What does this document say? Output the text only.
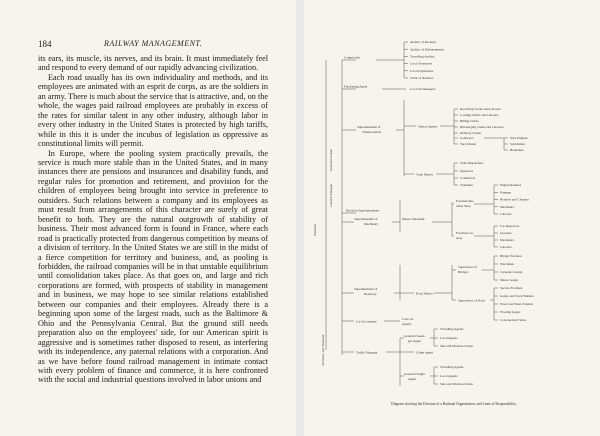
184	RAILWAY MANAGEMENT.

its ears, its muscle, its nerves, and its brain. It must immediately feel and respond to every demand of our rapidly advancing civilization.

Each road usually has its own individuality and methods, and its employees are animated with an esprit de corps, as are the soldiers in an army. There is much about the service that is attractive, and, on the whole, the wages paid railroad employees are probably in excess of the rates for similar talent in any other industry, although labor in every other industry in the United States is protected by high tariffs, while in this it is under the incubus of legislation as oppressive as constitutional limits will permit.

In Europe, where the pooling system practically prevails, the service is much more stable than in the United States, and in many instances there are pensions and insurances and disability funds, and regular rules for promotion and retirement, and provision for the children of employees being brought into service in preference to outsiders. Such relations between a company and its employees as must result from arrangements of this character are surely of great benefit to both. They are the natural outgrowth of stability of business. Their most advanced form is found in France, where each road is practically protected from dangerous competition by means of a division of territory. In the United States we are still in the midst of a fierce competition for territory and business, and, as pooling is forbidden, the railroad companies will be in that unstable equilibrium until consolidation takes place. As that goes on, and large and rich corporations are formed, with prospects of stability in management and in business, we may hope to see similar relations established between our companies and their employees. Already there is a beginning upon some of the largest roads, such as the Baltimore & Ohio and the Pennsylvania Central. But the ground still needs preparation also on the employees' side, for our American spirit is aggressive and is sometimes rather disposed to resent, as interfering with its independence, any paternal relations with a corporation. And as we have before found railroad management in intimate contact with every problem of finance and commerce, it is here confronted with the social and industrial questions involved in labor unions and

President
General Counsel
General Manager
Secretary and Treasurer
Comptroller
Auditor of Receipts
Auditor of Disbursements
Travelling Auditor
Local Treasurers
Local Paymasters
Clerk of Statistics
Purchasing Agent
Local Storekeepers
Superintendent of
Transportation
Station Agents
Receiving Clerks and Laborers
Loading Clerks and Laborers
Billing Clerks
Discharging Clerks and Laborers
Delivery Clerks
Collectors
Yard Master
Yard Engines
Switchmen
Brakemen
Train Master
Train Dispatchers
Operators
Conductors
Trainmen
Division Superintendents
Superintendent of
Machinery
Master Mechanic
Foreman Ma-
chine Shop
Engine Runners
Firemen
Hostlers and Cleaners
Mechanics
Laborers
Foreman Car
shop
Car Inspectors
Greasers
Mechanics
Laborers
Superintendent of
Roadway	Road Master
Supervisors of
Bridges
Bridge Foremen
Watchmen
Carpenter Gangs
Mason Gangs
Supervisors of Road
Section Foremen
Gangs and Track Walkers
Wood and Water Tenders
Floating Gangs
Construction Trains
Car Accountant
Lost Car
Agents
Traffic Manager
General Passen-
ger Agent
Travelling Agents
Local Agents
Sale and Division Clerks
Claim Agent
General Freight
Agent
Travelling Agents
Local Agents
Sale and Division Clerks
Diagram showing the Division of a Railroad Organization, and Lines of Responsibility.
